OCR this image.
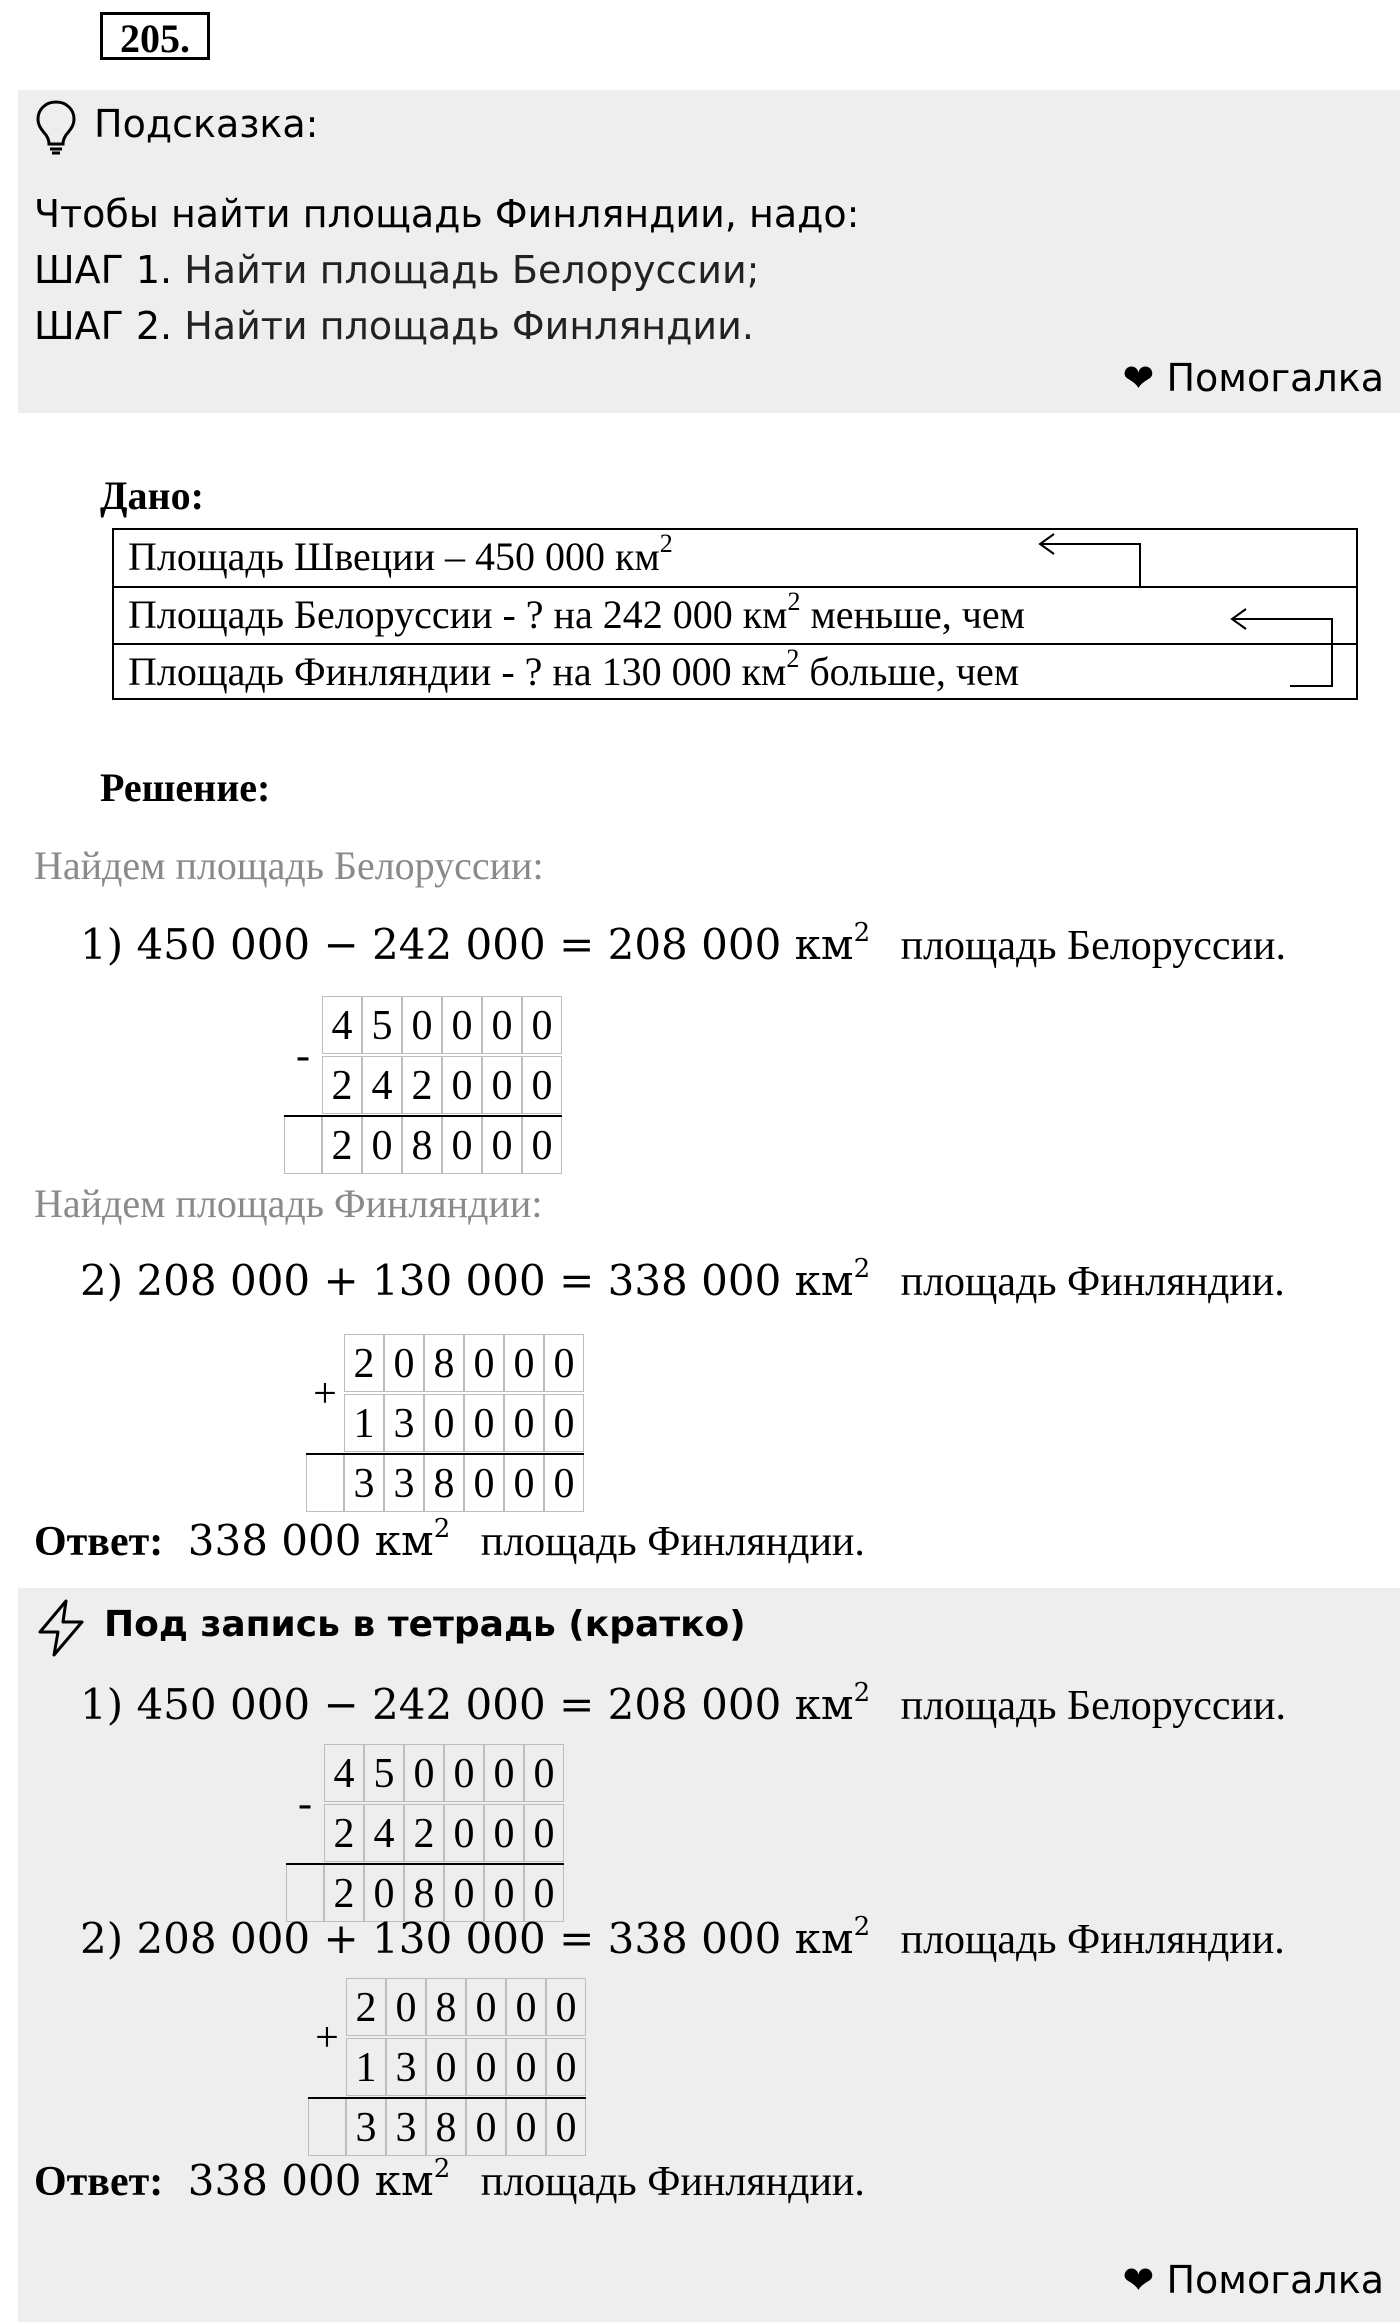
205.
Подсказка:
Чтобы найти площадь Финляндии, надо:
ШАГ 1. Найти площадь Белоруссии;
ШАГ 2. Найти площадь Финляндии.
❤ Помогалка
Дано:
Площадь Швеции – 450 000 $км^2$
Площадь Белоруссии - ? на 242 000 $км^2$ меньше, чем
Площадь Финляндии - ? на 130 000 $км^2$ больше, чем
Решение:
Найдем площадь Белоруссии:
1) 450 000 − 242 000 = 208 000 $км^2$ площадь Белоруссии.
-
4 5 0 0 0 0
2 4 2 0 0 0
2 0 8 0 0 0
Найдем площадь Финляндии:
2) 208 000 + 130 000 = 338 000 $км^2$ площадь Финляндии.
+
2 0 8 0 0 0
1 3 0 0 0 0
3 3 8 0 0 0
Ответ: 338 000 $км^2$ площадь Финляндии.
Под запись в тетрадь (кратко)
1) 450 000 − 242 000 = 208 000 $км^2$ площадь Белоруссии.
-
4 5 0 0 0 0
2 4 2 0 0 0
2 0 8 0 0 0
2) 208 000 + 130 000 = 338 000 $км^2$ площадь Финляндии.
+
2 0 8 0 0 0
1 3 0 0 0 0
3 3 8 0 0 0
Ответ: 338 000 $км^2$ площадь Финляндии.
❤ Помогалка
